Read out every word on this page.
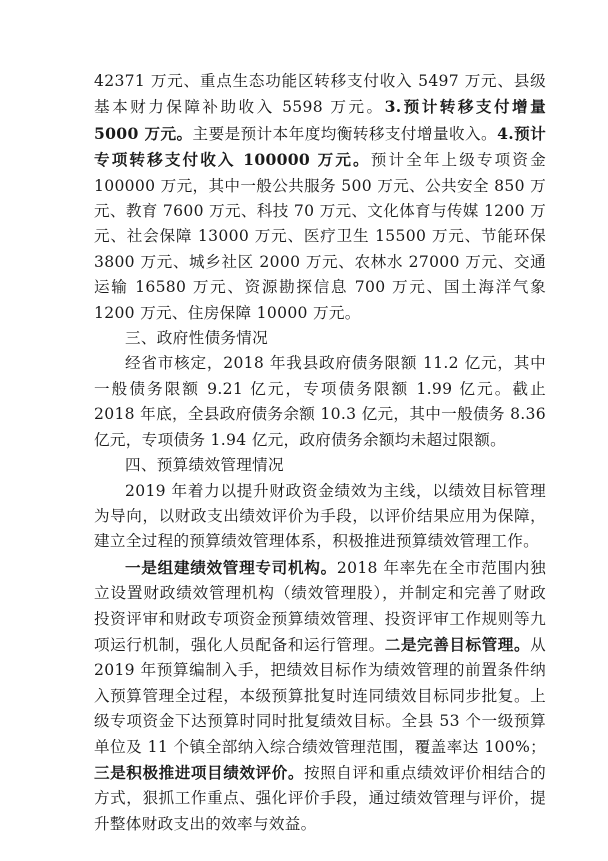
42371 万元、重点生态功能区转移支付收入 5497 万元、县级基本财力保障补助收入 5598 万元。3.预计转移支付增量 5000 万元。主要是预计本年度均衡转移支付增量收入。4.预计专项转移支付收入 100000 万元。预计全年上级专项资金 100000 万元，其中一般公共服务 500 万元、公共安全 850 万元、教育 7600 万元、科技 70 万元、文化体育与传媒 1200 万元、社会保障 13000 万元、医疗卫生 15500 万元、节能环保 3800 万元、城乡社区 2000 万元、农林水 27000 万元、交通运输 16580 万元、资源勘探信息 700 万元、国土海洋气象 1200 万元、住房保障 10000 万元。

三、政府性债务情况

经省市核定，2018 年我县政府债务限额 11.2 亿元，其中一般债务限额 9.21 亿元，专项债务限额 1.99 亿元。截止 2018 年底，全县政府债务余额 10.3 亿元，其中一般债务 8.36 亿元，专项债务 1.94 亿元，政府债务余额均未超过限额。

四、预算绩效管理情况

2019 年着力以提升财政资金绩效为主线，以绩效目标管理为导向，以财政支出绩效评价为手段，以评价结果应用为保障，建立全过程的预算绩效管理体系，积极推进预算绩效管理工作。

一是组建绩效管理专司机构。2018 年率先在全市范围内独立设置财政绩效管理机构（绩效管理股），并制定和完善了财政投资评审和财政专项资金预算绩效管理、投资评审工作规则等九项运行机制，强化人员配备和运行管理。二是完善目标管理。从 2019 年预算编制入手，把绩效目标作为绩效管理的前置条件纳入预算管理全过程，本级预算批复时连同绩效目标同步批复。上级专项资金下达预算时同时批复绩效目标。全县 53 个一级预算单位及 11 个镇全部纳入综合绩效管理范围，覆盖率达 100%；三是积极推进项目绩效评价。按照自评和重点绩效评价相结合的方式，狠抓工作重点、强化评价手段，通过绩效管理与评价，提升整体财政支出的效率与效益。
